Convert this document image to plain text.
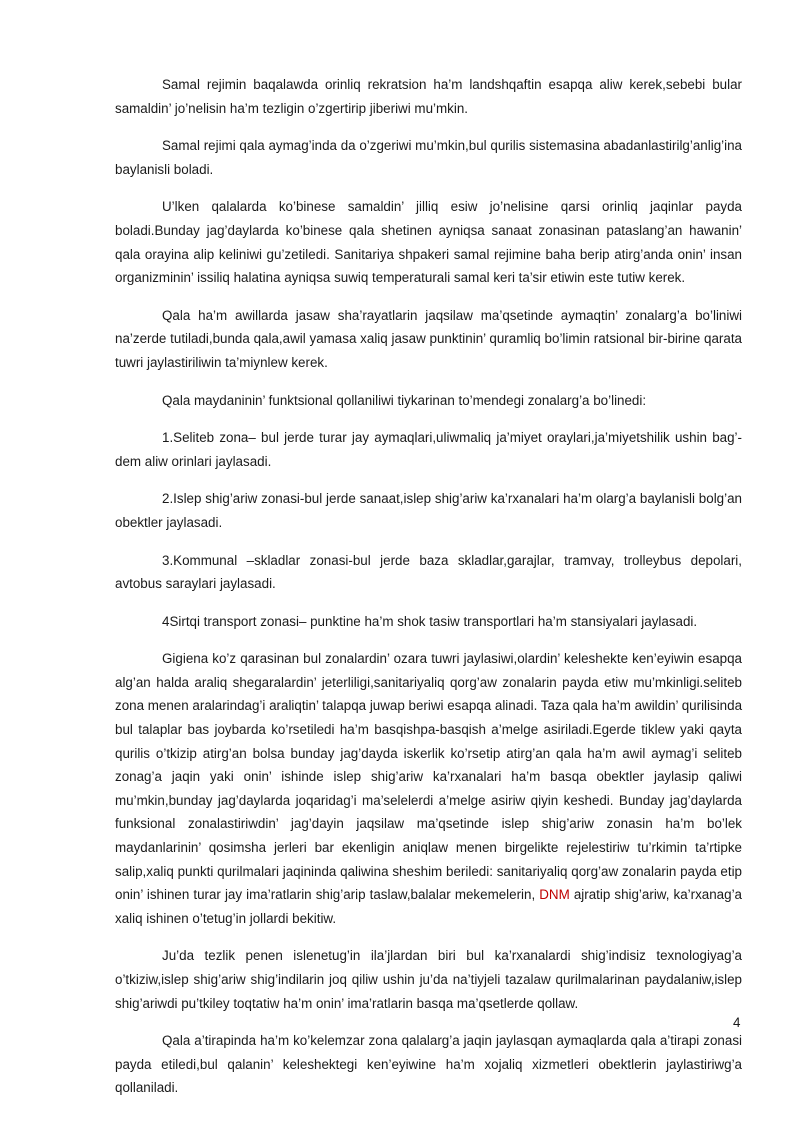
Samal rejimin baqalawda orinliq rekratsion ha’m landshqaftin esapqa aliw kerek,sebebi bular samaldin’ jo’nelisin ha’m tezligin o’zgertirip jiberiwi mu’mkin.

Samal rejimi qala aymag’inda da o’zgeriwi mu’mkin,bul qurilis sistemasina abadanlastirilg’anlig’ina baylanisli boladi.

U’lken qalalarda ko’binese samaldin’ jilliq esiw jo’nelisine qarsi orinliq jaqinlar payda boladi.Bunday jag’daylarda ko’binese qala shetinen ayniqsa sanaat zonasinan pataslang’an hawanin’ qala orayina alip keliniwi gu’zetiledi. Sanitariya shpakeri samal rejimine baha berip atirg’anda onin’ insan organizminin’ issiliq halatina ayniqsa suwiq temperaturali samal keri ta’sir etiwin este tutiw kerek.

Qala ha’m awillarda jasaw sha’rayatlarin jaqsilaw ma’qsetinde aymaqtin’ zonalarg’a bo’liniwi na’zerde tutiladi,bunda qala,awil yamasa xaliq jasaw punktinin’ quramliq bo’limin ratsional bir-birine qarata tuwri jaylastiriliwin ta’miynlew kerek.

Qala maydaninin’ funktsional qollaniliwi tiykarinan to’mendegi zonalarg’a bo’linedi:

1.Seliteb zona– bul jerde turar jay aymaqlari,uliwmaliq ja’miyet oraylari,ja’miyetshilik ushin bag’-dem aliw orinlari jaylasadi.

2.Islep shig’ariw zonasi-bul jerde sanaat,islep shig’ariw ka’rxanalari ha’m olarg’a baylanisli bolg’an obektler jaylasadi.

3.Kommunal –skladlar zonasi-bul jerde baza skladlar,garajlar, tramvay, trolleybus depolari, avtobus saraylari jaylasadi.

4Sirtqi transport zonasi– punktine ha’m shok tasiw transportlari ha’m stansiyalari jaylasadi.

Gigiena ko’z qarasinan bul zonalardin’ ozara tuwri jaylasiwi,olardin’ keleshekte ken’eyiwin esapqa alg’an halda araliq shegaralardin’ jeterliligi,sanitariyaliq qorg’aw zonalarin payda etiw mu’mkinligi.seliteb zona menen aralarindag’i araliqtin’ talapqa juwap beriwi esapqa alinadi. Taza qala ha’m awildin’ qurilisinda bul talaplar bas joybarda ko’rsetiledi ha’m basqishpa-basqish a’melge asiriladi.Egerde tiklew yaki qayta qurilis o’tkizip atirg’an bolsa bunday jag’dayda iskerlik ko’rsetip atirg’an qala ha’m awil aymag’i seliteb zonag’a jaqin yaki onin’ ishinde islep shig’ariw ka’rxanalari ha’m basqa obektler jaylasip qaliwi mu’mkin,bunday jag’daylarda joqaridag’i ma’selelerdi a’melge asiriw qiyin keshedi. Bunday jag’daylarda funksional zonalastiriwdin’ jag’dayin jaqsilaw ma’qsetinde islep shig’ariw zonasin ha’m bo’lek maydanlarinin’ qosimsha jerleri bar ekenligin aniqlaw menen birgelikte rejelestiriw tu’rkimin ta’rtipke salip,xaliq punkti qurilmalari jaqininda qaliwina sheshim beriledi: sanitariyaliq qorg’aw zonalarin payda etip onin’ ishinen turar jay ima’ratlarin shig’arip taslaw,balalar mekemelerin, DNM ajratip shig’ariw, ka’rxanag’a xaliq ishinen o’tetug’in jollardi bekitiw.

Ju’da tezlik penen islenetug’in ila’jlardan biri bul ka’rxanalardi shig’indisiz texnologiyag’a o’tkiziw,islep shig’ariw shig’indilarin joq qiliw ushin ju’da na’tiyjeli tazalaw qurilmalarinan paydalaniw,islep shig’ariwdi pu’tkiley toqtatiw ha’m onin’ ima’ratlarin basqa ma’qsetlerde qollaw.

Qala a’tirapinda ha’m ko’kelemzar zona qalalarg’a jaqin jaylasqan aymaqlarda qala a’tirapi zonasi payda etiledi,bul qalanin’ keleshektegi ken’eyiwine ha’m xojaliq xizmetleri obektlerin jaylastiriwg’a qollaniladi.

4
